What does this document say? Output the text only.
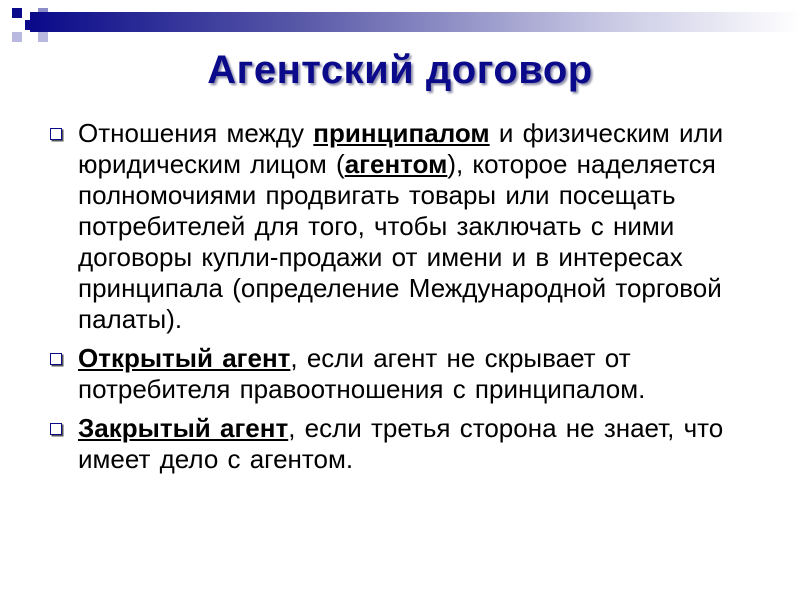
Агентский договор
Отношения между принципалом и физическим или юридическим лицом (агентом), которое наделяется полномочиями продвигать товары или посещать потребителей для того, чтобы заключать с ними договоры купли-продажи от имени и в интересах принципала (определение Международной торговой палаты).
Открытый агент, если агент не скрывает от потребителя правоотношения с принципалом.
Закрытый агент, если третья сторона не знает, что имеет дело с агентом.
